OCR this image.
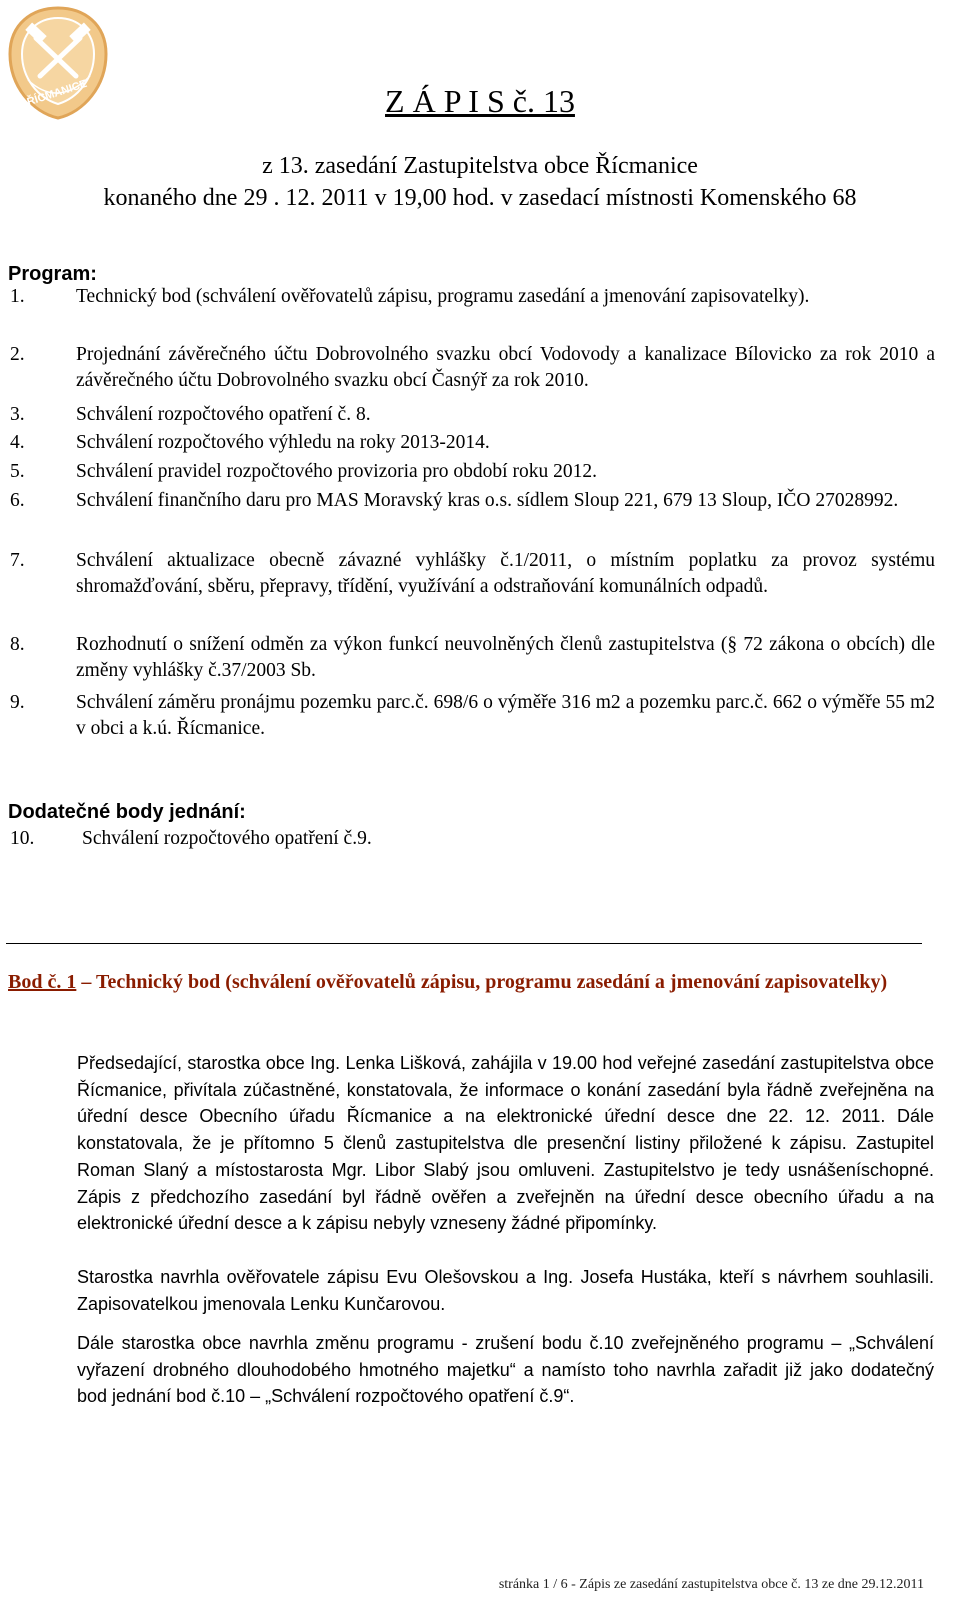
ŘÍCMANICE	Z Á P I S č. 13
z 13. zasedání Zastupitelstva obce Řícmanice
konaného dne 29 . 12. 2011 v 19,00 hod. v zasedací místnosti Komenského 68
Program:
1.	Technický bod (schválení ověřovatelů zápisu, programu zasedání a jmenování zapisovatelky).
2.	Projednání závěrečného účtu Dobrovolného svazku obcí Vodovody a kanalizace Bílovicko za rok 2010 a závěrečného účtu Dobrovolného svazku obcí Časnýř za rok 2010.
3.	Schválení rozpočtového opatření č. 8.
4.	Schválení rozpočtového výhledu na roky 2013-2014.
5.	Schválení pravidel rozpočtového provizoria pro období roku 2012.
6.	Schválení finančního daru pro MAS Moravský kras o.s. sídlem Sloup 221, 679 13 Sloup, IČO 27028992.
7.	Schválení aktualizace obecně závazné vyhlášky č.1/2011, o místním poplatku za provoz systému shromažďování, sběru, přepravy, třídění, využívání a odstraňování komunálních odpadů.
8.	Rozhodnutí o snížení odměn za výkon funkcí neuvolněných členů zastupitelstva (§ 72 zákona o obcích) dle změny vyhlášky č.37/2003 Sb.
9.	Schválení záměru pronájmu pozemku parc.č. 698/6 o výměře 316 m2 a pozemku parc.č. 662 o výměře 55 m2 v obci a k.ú. Řícmanice.
Dodatečné body jednání:
10. Schválení rozpočtového opatření č.9.
Bod č. 1 – Technický bod (schválení ověřovatelů zápisu, programu zasedání a jmenování zapisovatelky)
Předsedající, starostka obce Ing. Lenka Lišková, zahájila v 19.00 hod veřejné zasedání zastupitelstva obce Řícmanice, přivítala zúčastněné, konstatovala, že informace o konání zasedání byla řádně zveřejněna na úřední desce Obecního úřadu Řícmanice a na elektronické úřední desce dne 22. 12. 2011. Dále konstatovala, že je přítomno 5 členů zastupitelstva dle presenční listiny přiložené k zápisu. Zastupitel Roman Slaný a místostarosta Mgr. Libor Slabý jsou omluveni. Zastupitelstvo je tedy usnášeníschopné. Zápis z předchozího zasedání byl řádně ověřen a zveřejněn na úřední desce obecního úřadu a na elektronické úřední desce a k zápisu nebyly vzneseny žádné připomínky.
Starostka navrhla ověřovatele zápisu Evu Olešovskou a Ing. Josefa Hustáka, kteří s návrhem souhlasili. Zapisovatelkou jmenovala Lenku Kunčarovou.
Dále starostka obce navrhla změnu programu - zrušení bodu č.10 zveřejněného programu – „Schválení vyřazení drobného dlouhodobého hmotného majetku“ a namísto toho navrhla zařadit již jako dodatečný bod jednání bod č.10 – „Schválení rozpočtového opatření č.9“.
stránka 1 / 6 - Zápis ze zasedání zastupitelstva obce č. 13 ze dne 29.12.2011
